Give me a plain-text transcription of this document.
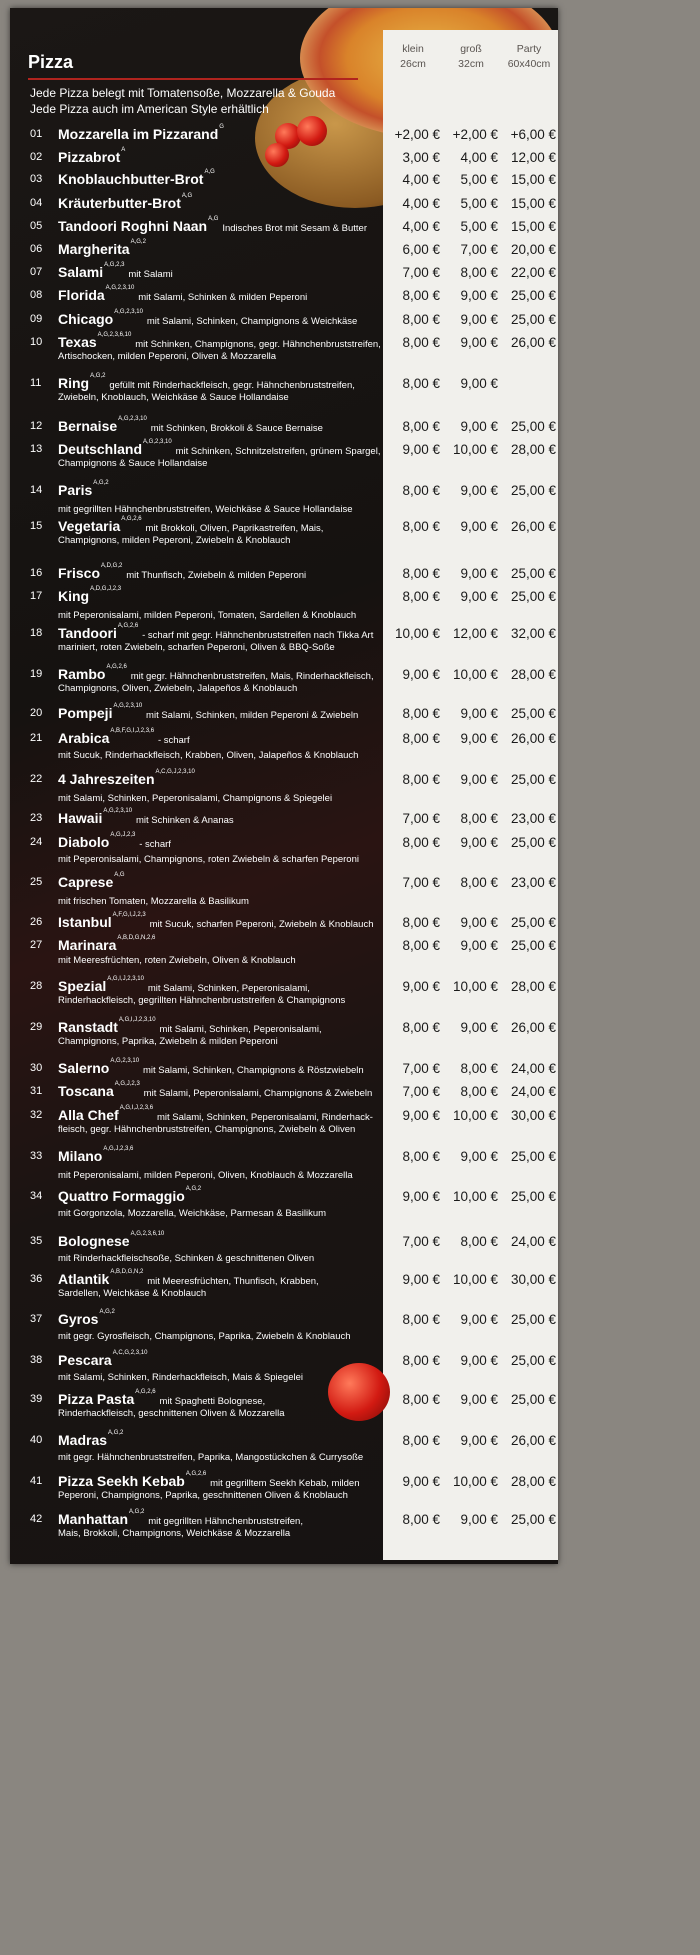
Pizza
Jede Pizza belegt mit Tomatensoße, Mozzarella & Gouda
Jede Pizza auch im American Style erhältlich
klein
26cm
groß
32cm
Party
60x40cm
01	Mozzarella im Pizzarand$^G$	+2,00 € +2,00 € +6,00 €
02	Pizzabrot$^A$	3,00 €	4,00 € 12,00 €
03	Knoblauchbutter-Brot$^{A,G}$	4,00 €	5,00 € 15,00 €
04	Kräuterbutter-Brot$^{A,G}$	4,00 €	5,00 € 15,00 €
05	Tandoori Roghni Naan$^{A,G}$ Indisches Brot mit Sesam & Butter	4,00 €	5,00 € 15,00 €
06	Margherita$^{A,G,2}$	6,00 €	7,00 € 20,00 €
07	Salami$^{A,G,2,3}$ mit Salami	7,00 €	8,00 € 22,00 €
08	Florida$^{A,G,2,3,10}$ mit Salami, Schinken & milden Peperoni	8,00 €	9,00 € 25,00 €
09	Chicago$^{A,G,2,3,10}$ mit Salami, Schinken, Champignons & Weichkäse	8,00 €	9,00 € 25,00 €
10	Texas$^{A,G,2,3,6,10}$ mit Schinken, Champignons, gegr. Hähnchenbruststreifen,
Artischocken, milden Peperoni, Oliven & Mozzarella
8,00 €	9,00 € 26,00 €
11	Ring$^{A,G,2}$ gefüllt mit Rinderhackfleisch, gegr. Hähnchenbruststreifen,
Zwiebeln, Knoblauch, Weichkäse & Sauce Hollandaise
8,00 €	9,00 €
12	Bernaise$^{A,G,2,3,10}$ mit Schinken, Brokkoli & Sauce Bernaise	8,00 €	9,00 € 25,00 €
13	Deutschland$^{A,G,2,3,10}$ mit Schinken, Schnitzelstreifen, grünem Spargel,
Champignons & Sauce Hollandaise
9,00 € 10,00 € 28,00 €
14	Paris$^{A,G,2}$
mit gegrillten Hähnchenbruststreifen, Weichkäse & Sauce Hollandaise
8,00 €	9,00 € 25,00 €
15	Vegetaria$^{A,G,2,6}$ mit Brokkoli, Oliven, Paprikastreifen, Mais,
Champignons, milden Peperoni, Zwiebeln & Knoblauch
8,00 €	9,00 € 26,00 €
16	Frisco$^{A,D,G,2}$ mit Thunfisch, Zwiebeln & milden Peperoni	8,00 €	9,00 € 25,00 €
17	King$^{A,D,G,J,2,3}$
mit Peperonisalami, milden Peperoni, Tomaten, Sardellen & Knoblauch
8,00 €	9,00 € 25,00 €
18	Tandoori$^{A,G,2,6}$ - scharf mit gegr. Hähnchenbruststreifen nach Tikka Art
mariniert, roten Zwiebeln, scharfen Peperoni, Oliven & BBQ-Soße
10,00 € 12,00 € 32,00 €
19	Rambo$^{A,G,2,6}$ mit gegr. Hähnchenbruststreifen, Mais, Rinderhackfleisch,
Champignons, Oliven, Zwiebeln, Jalapeños & Knoblauch
9,00 € 10,00 € 28,00 €
20	Pompeji$^{A,G,2,3,10}$ mit Salami, Schinken, milden Peperoni & Zwiebeln	8,00 €	9,00 € 25,00 €
21	Arabica$^{A,B,F,G,I,J,2,3,6}$ - scharf
mit Sucuk, Rinderhackfleisch, Krabben, Oliven, Jalapeños & Knoblauch
8,00 €	9,00 € 26,00 €
22	4 Jahreszeiten$^{A,C,G,J,2,3,10}$
mit Salami, Schinken, Peperonisalami, Champignons & Spiegelei
8,00 €	9,00 € 25,00 €
23	Hawaii$^{A,G,2,3,10}$ mit Schinken & Ananas	7,00 €	8,00 € 23,00 €
24	Diabolo$^{A,G,J,2,3}$ - scharf
mit Peperonisalami, Champignons, roten Zwiebeln & scharfen Peperoni
8,00 €	9,00 € 25,00 €
25	Caprese$^{A,G}$
mit frischen Tomaten, Mozzarella & Basilikum
7,00 €	8,00 € 23,00 €
26	Istanbul$^{A,F,G,I,J,2,3}$ mit Sucuk, scharfen Peperoni, Zwiebeln & Knoblauch	8,00 €	9,00 € 25,00 €
27	Marinara$^{A,B,D,G,N,2,6}$
mit Meeresfrüchten, roten Zwiebeln, Oliven & Knoblauch
8,00 €	9,00 € 25,00 €
28	Spezial$^{A,G,I,J,2,3,10}$ mit Salami, Schinken, Peperonisalami,
Rinderhackfleisch, gegrillten Hähnchenbruststreifen & Champignons
9,00 € 10,00 € 28,00 €
29	Ranstadt$^{A,G,I,J,2,3,10}$ mit Salami, Schinken, Peperonisalami,
Champignons, Paprika, Zwiebeln & milden Peperoni
8,00 €	9,00 € 26,00 €
30	Salerno$^{A,G,2,3,10}$ mit Salami, Schinken, Champignons & Röstzwiebeln	7,00 €	8,00 € 24,00 €
31	Toscana$^{A,G,J,2,3}$ mit Salami, Peperonisalami, Champignons & Zwiebeln	7,00 €	8,00 € 24,00 €
32	Alla Chef$^{A,G,I,J,2,3,6}$ mit Salami, Schinken, Peperonisalami, Rinderhack-
fleisch, gegr. Hähnchenbruststreifen, Champignons, Zwiebeln & Oliven
9,00 € 10,00 € 30,00 €
33	Milano$^{A,G,J,2,3,6}$
mit Peperonisalami, milden Peperoni, Oliven, Knoblauch & Mozzarella
8,00 €	9,00 € 25,00 €
34	Quattro Formaggio$^{A,G,2}$
mit Gorgonzola, Mozzarella, Weichkäse, Parmesan & Basilikum
9,00 € 10,00 € 25,00 €
35	Bolognese$^{A,G,2,3,6,10}$
mit Rinderhackfleischsoße, Schinken & geschnittenen Oliven
7,00 €	8,00 € 24,00 €
36	Atlantik$^{A,B,D,G,N,2}$ mit Meeresfrüchten, Thunfisch, Krabben,
Sardellen, Weichkäse & Knoblauch
9,00 € 10,00 € 30,00 €
37	Gyros$^{A,G,2}$
mit gegr. Gyrosfleisch, Champignons, Paprika, Zwiebeln & Knoblauch
8,00 €	9,00 € 25,00 €
38	Pescara$^{A,C,G,2,3,10}$
mit Salami, Schinken, Rinderhackfleisch, Mais & Spiegelei
8,00 €	9,00 € 25,00 €
39	Pizza Pasta$^{A,G,2,6}$ mit Spaghetti Bolognese,
Rinderhackfleisch, geschnittenen Oliven & Mozzarella
8,00 €	9,00 € 25,00 €
40	Madras$^{A,G,2}$
mit gegr. Hähnchenbruststreifen, Paprika, Mangostückchen & Currysoße
8,00 €	9,00 € 26,00 €
41	Pizza Seekh Kebab$^{A,G,2,6}$ mit gegrilltem Seekh Kebab, milden
Peperoni, Champignons, Paprika, geschnittenen Oliven & Knoblauch
9,00 € 10,00 € 28,00 €
42	Manhattan$^{A,G,2}$ mit gegrillten Hähnchenbruststreifen,
Mais, Brokkoli, Champignons, Weichkäse & Mozzarella
8,00 €	9,00 € 25,00 €
